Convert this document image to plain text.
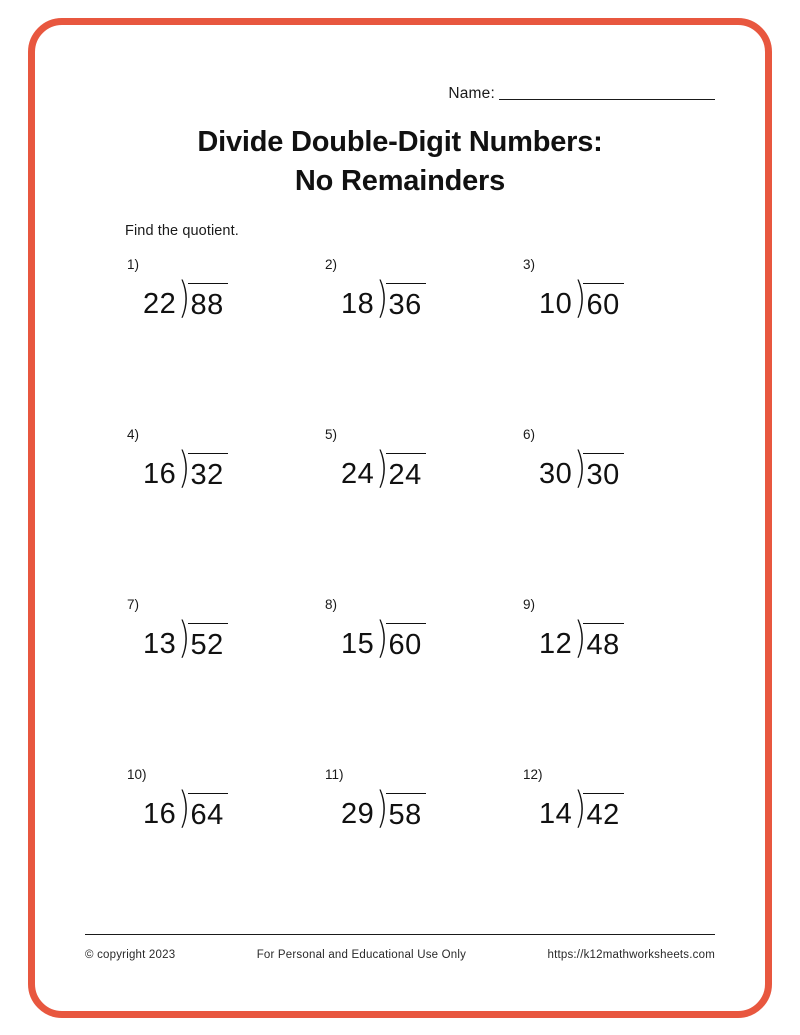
Name:
Divide Double-Digit Numbers:
No Remainders
Find the quotient.
1)
22 ) 88
2)
18 ) 36
3)
10 ) 60
4)
16 ) 32
5)
24 ) 24
6)
30 ) 30
7)
13 ) 52
8)
15 ) 60
9)
12 ) 48
10)
16 ) 64
11)
29 ) 58
12)
14 ) 42
© copyright 2023	For Personal and Educational Use Only	https://k12mathworksheets.com
